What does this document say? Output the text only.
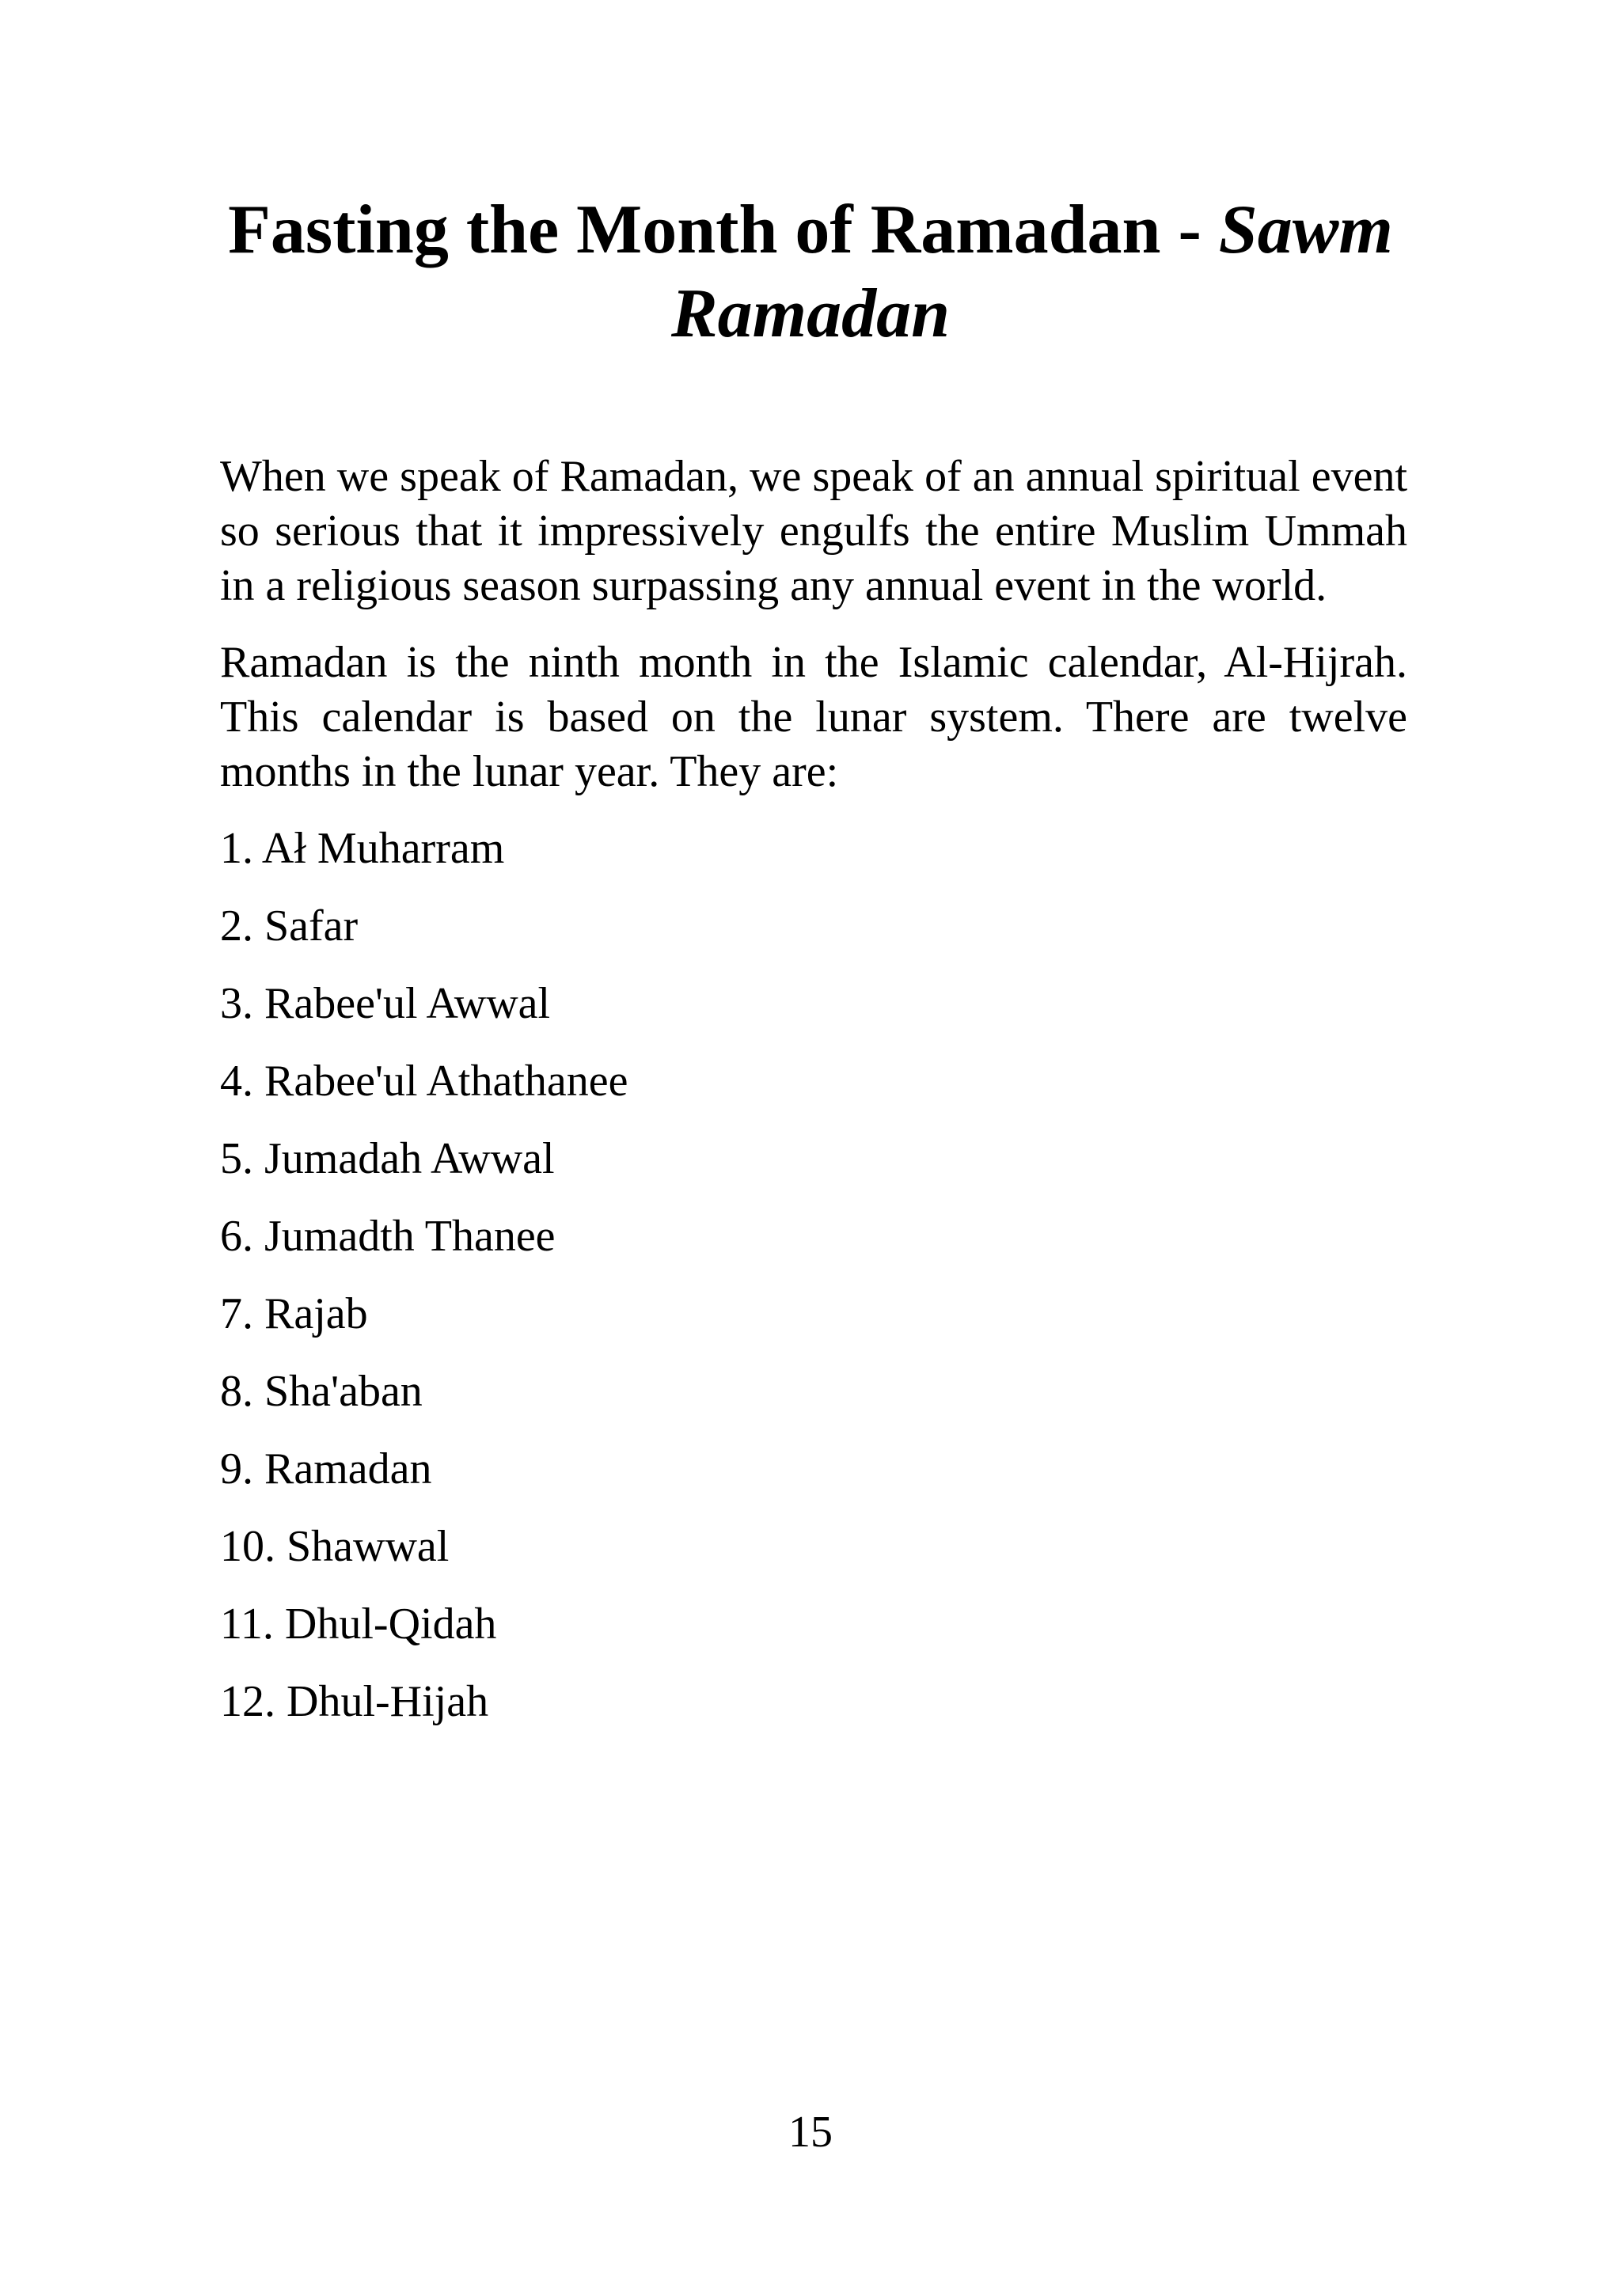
Fasting the Month of Ramadan - Sawm Ramadan

When we speak of Ramadan, we speak of an annual spiritual event so serious that it impressively engulfs the entire Muslim Ummah in a religious season surpassing any annual event in the world.

Ramadan is the ninth month in the Islamic calendar, Al-Hijrah. This calendar is based on the lunar system. There are twelve months in the lunar year. They are:

1. Ał Muharram
2. Safar
3. Rabee'ul Awwal
4. Rabee'ul Athathanee
5. Jumadah Awwal
6. Jumadth Thanee
7. Rajab
8. Sha'aban
9. Ramadan
10. Shawwal
11. Dhul-Qidah
12. Dhul-Hijah
15
